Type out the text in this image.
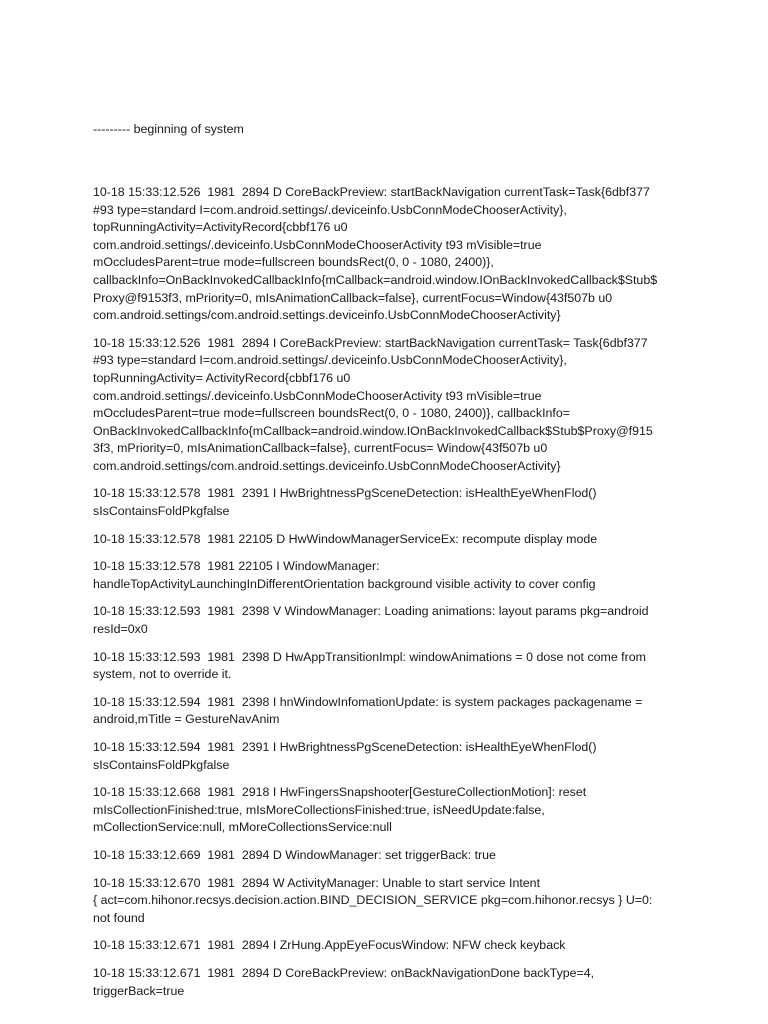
--------- beginning of system

10-18 15:33:12.526  1981  2894 D CoreBackPreview: startBackNavigation currentTask=Task{6dbf377
#93 type=standard I=com.android.settings/.deviceinfo.UsbConnModeChooserActivity},
topRunningActivity=ActivityRecord{cbbf176 u0
com.android.settings/.deviceinfo.UsbConnModeChooserActivity t93 mVisible=true
mOccludesParent=true mode=fullscreen boundsRect(0, 0 - 1080, 2400)},
callbackInfo=OnBackInvokedCallbackInfo{mCallback=android.window.IOnBackInvokedCallback$Stub$
Proxy@f9153f3, mPriority=0, mIsAnimationCallback=false}, currentFocus=Window{43f507b u0
com.android.settings/com.android.settings.deviceinfo.UsbConnModeChooserActivity}

10-18 15:33:12.526  1981  2894 I CoreBackPreview: startBackNavigation currentTask= Task{6dbf377
#93 type=standard I=com.android.settings/.deviceinfo.UsbConnModeChooserActivity},
topRunningActivity= ActivityRecord{cbbf176 u0
com.android.settings/.deviceinfo.UsbConnModeChooserActivity t93 mVisible=true
mOccludesParent=true mode=fullscreen boundsRect(0, 0 - 1080, 2400)}, callbackInfo=
OnBackInvokedCallbackInfo{mCallback=android.window.IOnBackInvokedCallback$Stub$Proxy@f915
3f3, mPriority=0, mIsAnimationCallback=false}, currentFocus= Window{43f507b u0
com.android.settings/com.android.settings.deviceinfo.UsbConnModeChooserActivity}

10-18 15:33:12.578  1981  2391 I HwBrightnessPgSceneDetection: isHealthEyeWhenFlod()
sIsContainsFoldPkgfalse

10-18 15:33:12.578  1981 22105 D HwWindowManagerServiceEx: recompute display mode

10-18 15:33:12.578  1981 22105 I WindowManager:
handleTopActivityLaunchingInDifferentOrientation background visible activity to cover config

10-18 15:33:12.593  1981  2398 V WindowManager: Loading animations: layout params pkg=android
resId=0x0

10-18 15:33:12.593  1981  2398 D HwAppTransitionImpl: windowAnimations = 0 dose not come from
system, not to override it.

10-18 15:33:12.594  1981  2398 I hnWindowInfomationUpdate: is system packages packagename =
android,mTitle = GestureNavAnim

10-18 15:33:12.594  1981  2391 I HwBrightnessPgSceneDetection: isHealthEyeWhenFlod()
sIsContainsFoldPkgfalse

10-18 15:33:12.668  1981  2918 I HwFingersSnapshooter[GestureCollectionMotion]: reset
mIsCollectionFinished:true, mIsMoreCollectionsFinished:true, isNeedUpdate:false,
mCollectionService:null, mMoreCollectionsService:null

10-18 15:33:12.669  1981  2894 D WindowManager: set triggerBack: true

10-18 15:33:12.670  1981  2894 W ActivityManager: Unable to start service Intent
{ act=com.hihonor.recsys.decision.action.BIND_DECISION_SERVICE pkg=com.hihonor.recsys } U=0:
not found

10-18 15:33:12.671  1981  2894 I ZrHung.AppEyeFocusWindow: NFW check keyback

10-18 15:33:12.671  1981  2894 D CoreBackPreview: onBackNavigationDone backType=4,
triggerBack=true
